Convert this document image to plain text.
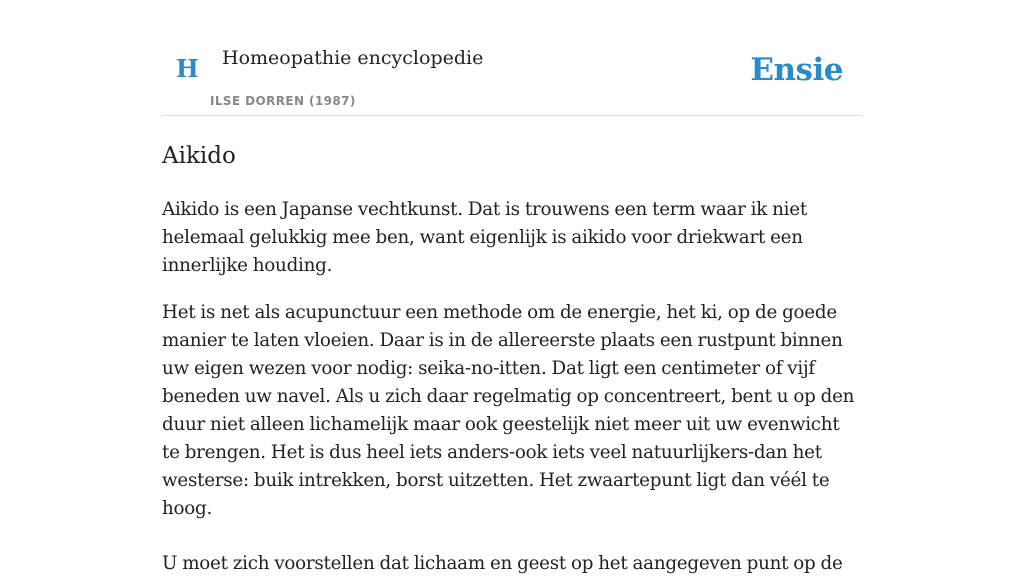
H Homeopathie encyclopedie
ILSE DORREN (1987)
Ensie
Aikido

Aikido is een Japanse vechtkunst. Dat is trouwens een term waar ik niet helemaal gelukkig mee ben, want eigenlijk is aikido voor driekwart een innerlijke houding.

Het is net als acupunctuur een methode om de energie, het ki, op de goede manier te laten vloeien. Daar is in de allereerste plaats een rustpunt binnen uw eigen wezen voor nodig: seika-no-itten. Dat ligt een centimeter of vijf beneden uw navel. Als u zich daar regelmatig op concentreert, bent u op den duur niet alleen lichamelijk maar ook geestelijk niet meer uit uw evenwicht te brengen. Het is dus heel iets anders-ook iets veel natuurlijkers-dan het westerse: buik intrekken, borst uitzetten. Het zwaartepunt ligt dan véél te hoog.

U moet zich voorstellen dat lichaam en geest op het aangegeven punt op de
